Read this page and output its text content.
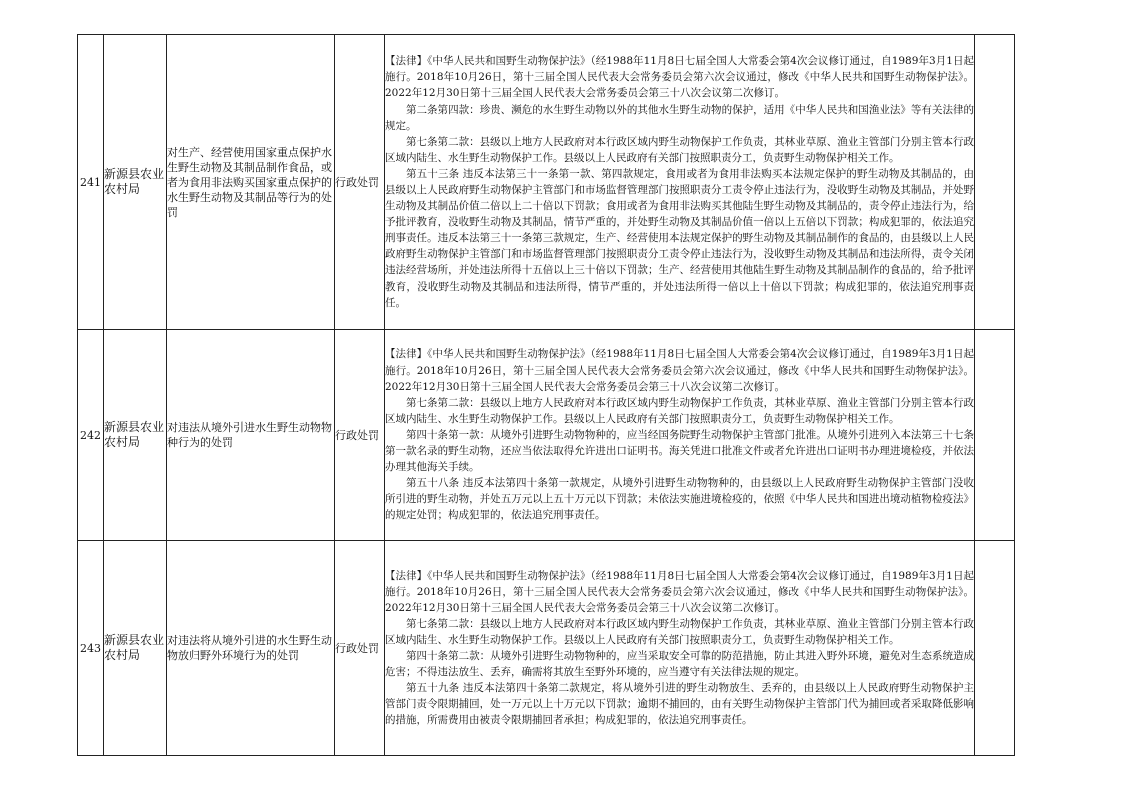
241	新源县农业农村局	对生产、经营使用国家重点保护水生野生动物及其制品制作食品，或者为食用非法购买国家重点保护的水生野生动物及其制品等行为的处罚	行政处罚	【法律】《中华人民共和国野生动物保护法》（经1988年11月8日七届全国人大常委会第4次会议修订通过，自1989年3月1日起施行。2018年10月26日，第十三届全国人民代表大会常务委员会第六次会议通过，修改《中华人民共和国野生动物保护法》。2022年12月30日第十三届全国人民代表大会常务委员会第三十八次会议第二次修订。

第二条第四款：珍贵、濒危的水生野生动物以外的其他水生野生动物的保护，适用《中华人民共和国渔业法》等有关法律的规定。

第七条第二款：县级以上地方人民政府对本行政区域内野生动物保护工作负责，其林业草原、渔业主管部门分别主管本行政区域内陆生、水生野生动物保护工作。县级以上人民政府有关部门按照职责分工，负责野生动物保护相关工作。

第五十三条 违反本法第三十一条第一款、第四款规定，食用或者为食用非法购买本法规定保护的野生动物及其制品的，由县级以上人民政府野生动物保护主管部门和市场监督管理部门按照职责分工责令停止违法行为，没收野生动物及其制品，并处野生动物及其制品价值二倍以上二十倍以下罚款；食用或者为食用非法购买其他陆生野生动物及其制品的，责令停止违法行为，给予批评教育，没收野生动物及其制品，情节严重的，并处野生动物及其制品价值一倍以上五倍以下罚款；构成犯罪的，依法追究刑事责任。违反本法第三十一条第三款规定，生产、经营使用本法规定保护的野生动物及其制品制作的食品的，由县级以上人民政府野生动物保护主管部门和市场监督管理部门按照职责分工责令停止违法行为，没收野生动物及其制品和违法所得，责令关闭违法经营场所，并处违法所得十五倍以上三十倍以下罚款；生产、经营使用其他陆生野生动物及其制品制作的食品的，给予批评教育，没收野生动物及其制品和违法所得，情节严重的，并处违法所得一倍以上十倍以下罚款；构成犯罪的，依法追究刑事责任。	

242	新源县农业农村局	对违法从境外引进水生野生动物物种行为的处罚	行政处罚	【法律】《中华人民共和国野生动物保护法》（经1988年11月8日七届全国人大常委会第4次会议修订通过，自1989年3月1日起施行。2018年10月26日，第十三届全国人民代表大会常务委员会第六次会议通过，修改《中华人民共和国野生动物保护法》。2022年12月30日第十三届全国人民代表大会常务委员会第三十八次会议第二次修订。

第七条第二款：县级以上地方人民政府对本行政区域内野生动物保护工作负责，其林业草原、渔业主管部门分别主管本行政区域内陆生、水生野生动物保护工作。县级以上人民政府有关部门按照职责分工，负责野生动物保护相关工作。

第四十条第一款：从境外引进野生动物物种的，应当经国务院野生动物保护主管部门批准。从境外引进列入本法第三十七条第一款名录的野生动物，还应当依法取得允许进出口证明书。海关凭进口批准文件或者允许进出口证明书办理进境检疫，并依法办理其他海关手续。

第五十八条 违反本法第四十条第一款规定，从境外引进野生动物物种的，由县级以上人民政府野生动物保护主管部门没收所引进的野生动物，并处五万元以上五十万元以下罚款；未依法实施进境检疫的，依照《中华人民共和国进出境动植物检疫法》的规定处罚；构成犯罪的，依法追究刑事责任。	

243	新源县农业农村局	对违法将从境外引进的水生野生动物放归野外环境行为的处罚	行政处罚	【法律】《中华人民共和国野生动物保护法》（经1988年11月8日七届全国人大常委会第4次会议修订通过，自1989年3月1日起施行。2018年10月26日，第十三届全国人民代表大会常务委员会第六次会议通过，修改《中华人民共和国野生动物保护法》。2022年12月30日第十三届全国人民代表大会常务委员会第三十八次会议第二次修订。

第七条第二款：县级以上地方人民政府对本行政区域内野生动物保护工作负责，其林业草原、渔业主管部门分别主管本行政区域内陆生、水生野生动物保护工作。县级以上人民政府有关部门按照职责分工，负责野生动物保护相关工作。

第四十条第二款：从境外引进野生动物物种的，应当采取安全可靠的防范措施，防止其进入野外环境，避免对生态系统造成危害；不得违法放生、丢弃，确需将其放生至野外环境的，应当遵守有关法律法规的规定。

第五十九条 违反本法第四十条第二款规定，将从境外引进的野生动物放生、丢弃的，由县级以上人民政府野生动物保护主管部门责令限期捕回，处一万元以上十万元以下罚款；逾期不捕回的，由有关野生动物保护主管部门代为捕回或者采取降低影响的措施，所需费用由被责令限期捕回者承担；构成犯罪的，依法追究刑事责任。	
